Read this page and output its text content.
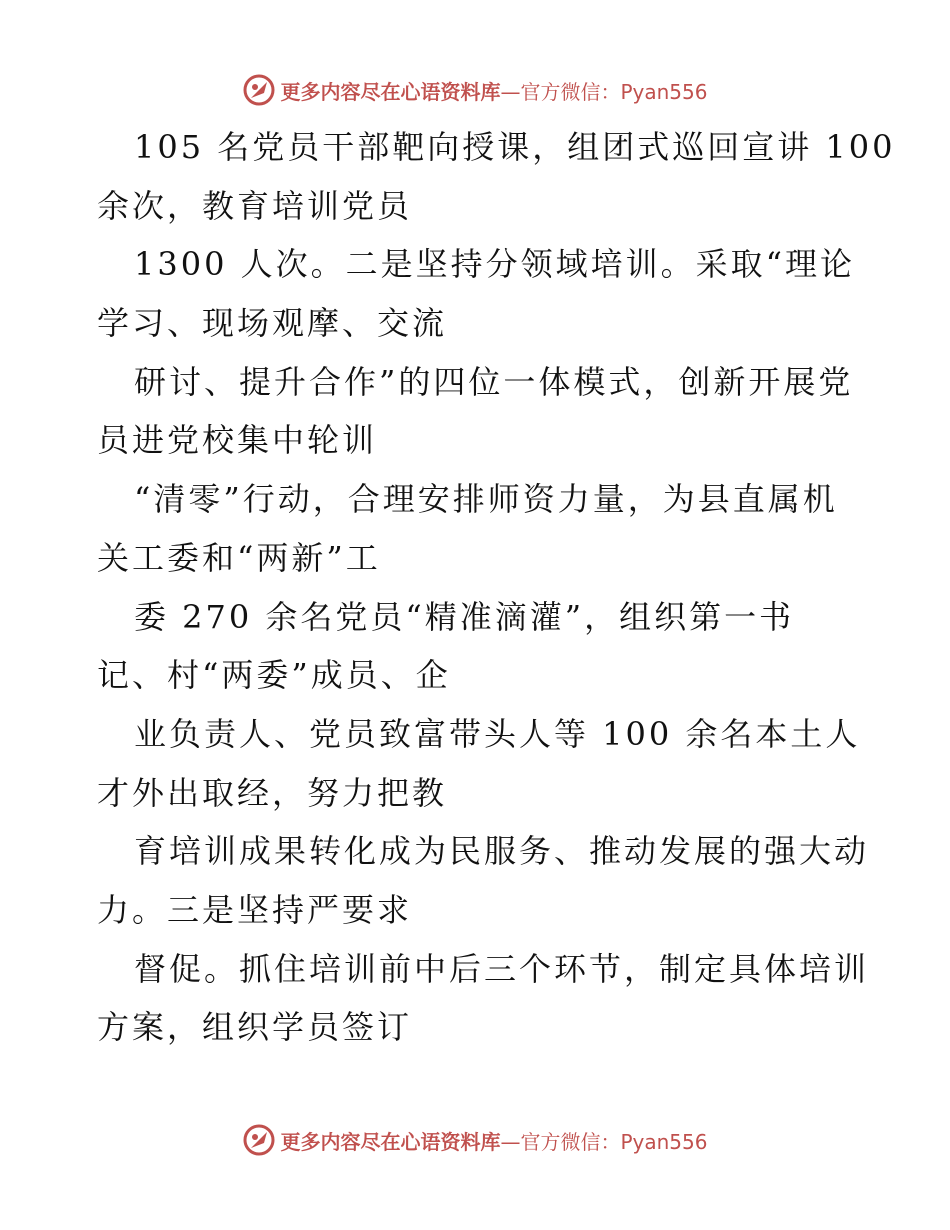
更多内容尽在心语资料库 —官方微信：Pyan556
105 名党员干部靶向授课，组团式巡回宣讲 100
余次，教育培训党员
1300 人次。二是坚持分领域培训。采取“理论
学习、现场观摩、交流
研讨、提升合作”的四位一体模式，创新开展党
员进党校集中轮训
“清零”行动，合理安排师资力量，为县直属机
关工委和“两新”工
委 270 余名党员“精准滴灌”，组织第一书
记、村“两委”成员、企
业负责人、党员致富带头人等 100 余名本土人
才外出取经，努力把教
育培训成果转化成为民服务、推动发展的强大动
力。三是坚持严要求
督促。抓住培训前中后三个环节，制定具体培训
方案，组织学员签订
更多内容尽在心语资料库 —官方微信：Pyan556
